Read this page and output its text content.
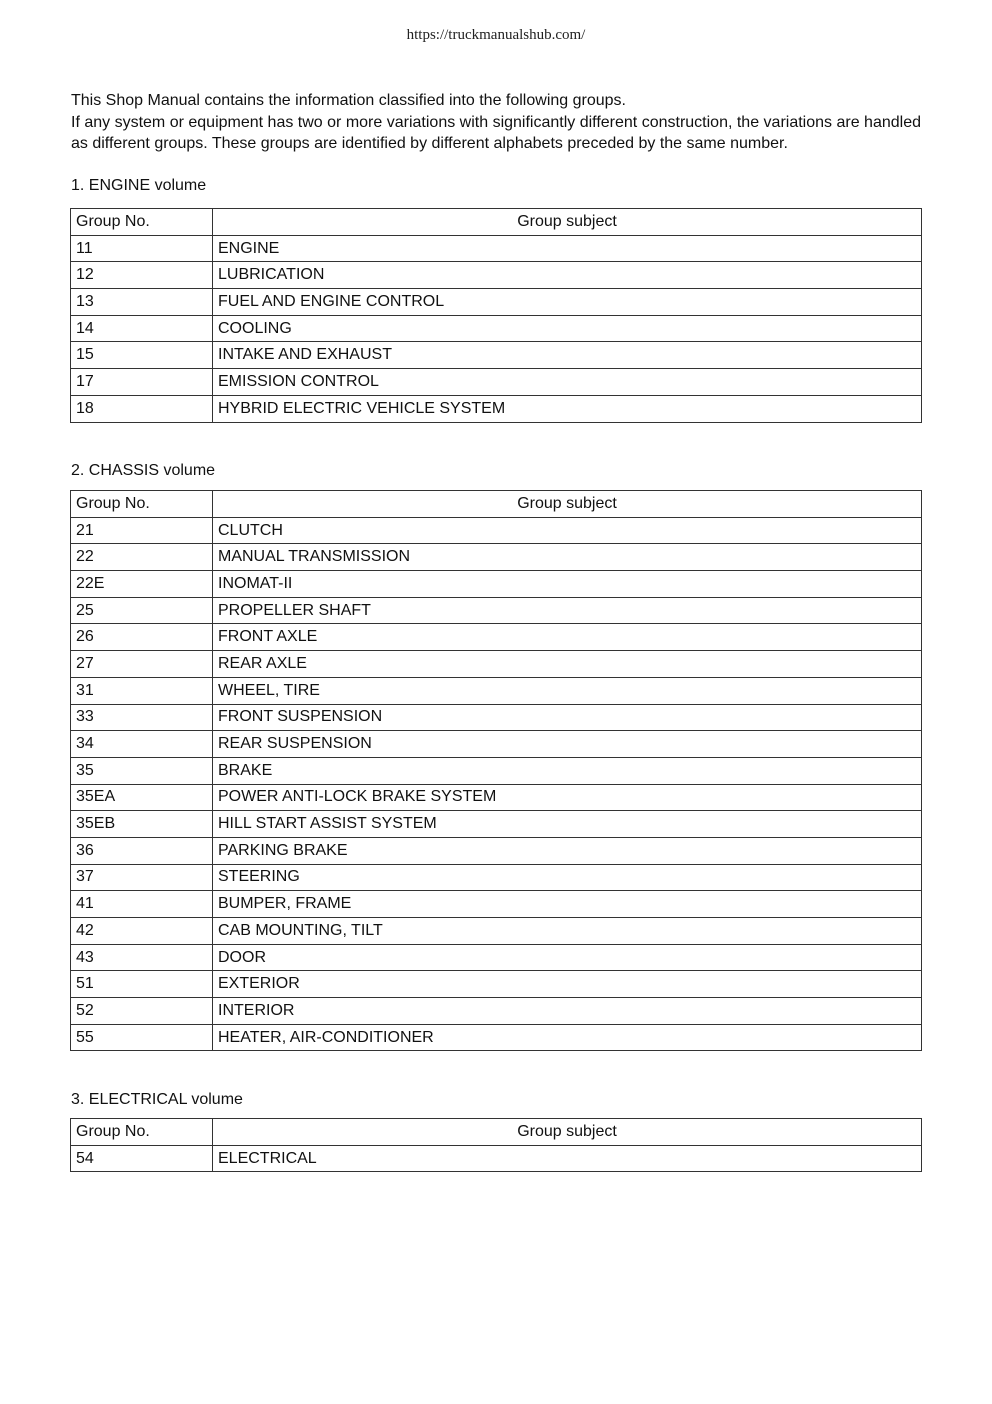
https://truckmanualshub.com/

This Shop Manual contains the information classified into the following groups.

If any system or equipment has two or more variations with significantly different construction, the variations are handled as different groups. These groups are identified by different alphabets preceded by the same number.

1. ENGINE volume
Group No.	Group subject
11	ENGINE
12	LUBRICATION
13	FUEL AND ENGINE CONTROL
14	COOLING
15	INTAKE AND EXHAUST
17	EMISSION CONTROL
18	HYBRID ELECTRIC VEHICLE SYSTEM
2. CHASSIS volume
Group No.	Group subject
21	CLUTCH
22	MANUAL TRANSMISSION
22E	INOMAT-II
25	PROPELLER SHAFT
26	FRONT AXLE
27	REAR AXLE
31	WHEEL, TIRE
33	FRONT SUSPENSION
34	REAR SUSPENSION
35	BRAKE
35EA	POWER ANTI-LOCK BRAKE SYSTEM
35EB	HILL START ASSIST SYSTEM
36	PARKING BRAKE
37	STEERING
41	BUMPER, FRAME
42	CAB MOUNTING, TILT
43	DOOR
51	EXTERIOR
52	INTERIOR
55	HEATER, AIR-CONDITIONER
3. ELECTRICAL volume
Group No.	Group subject
54	ELECTRICAL
